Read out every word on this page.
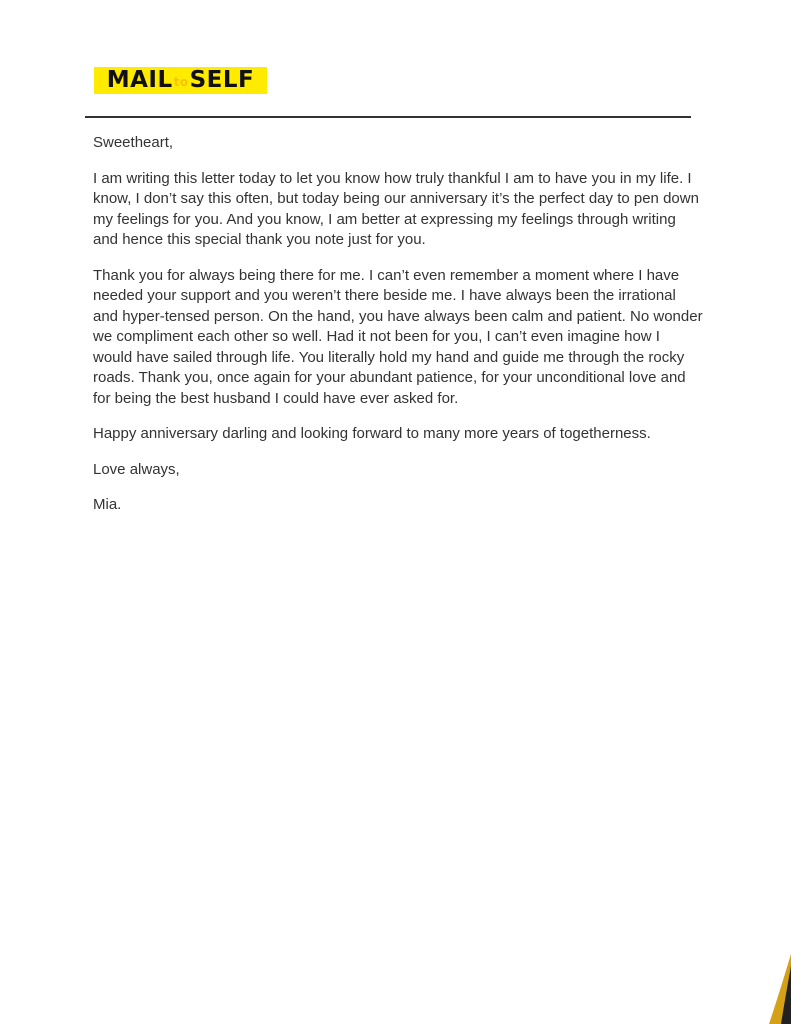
MAIL to SELF

Sweetheart,

I am writing this letter today to let you know how truly thankful I am to have you in my life. I know, I don’t say this often, but today being our anniversary it’s the perfect day to pen down my feelings for you. And you know, I am better at expressing my feelings through writing and hence this special thank you note just for you.

Thank you for always being there for me. I can’t even remember a moment where I have needed your support and you weren’t there beside me. I have always been the irrational and hyper-tensed person. On the hand, you have always been calm and patient. No wonder we compliment each other so well. Had it not been for you, I can’t even imagine how I would have sailed through life. You literally hold my hand and guide me through the rocky roads. Thank you, once again for your abundant patience, for your unconditional love and for being the best husband I could have ever asked for.

Happy anniversary darling and looking forward to many more years of togetherness.

Love always,

Mia.
